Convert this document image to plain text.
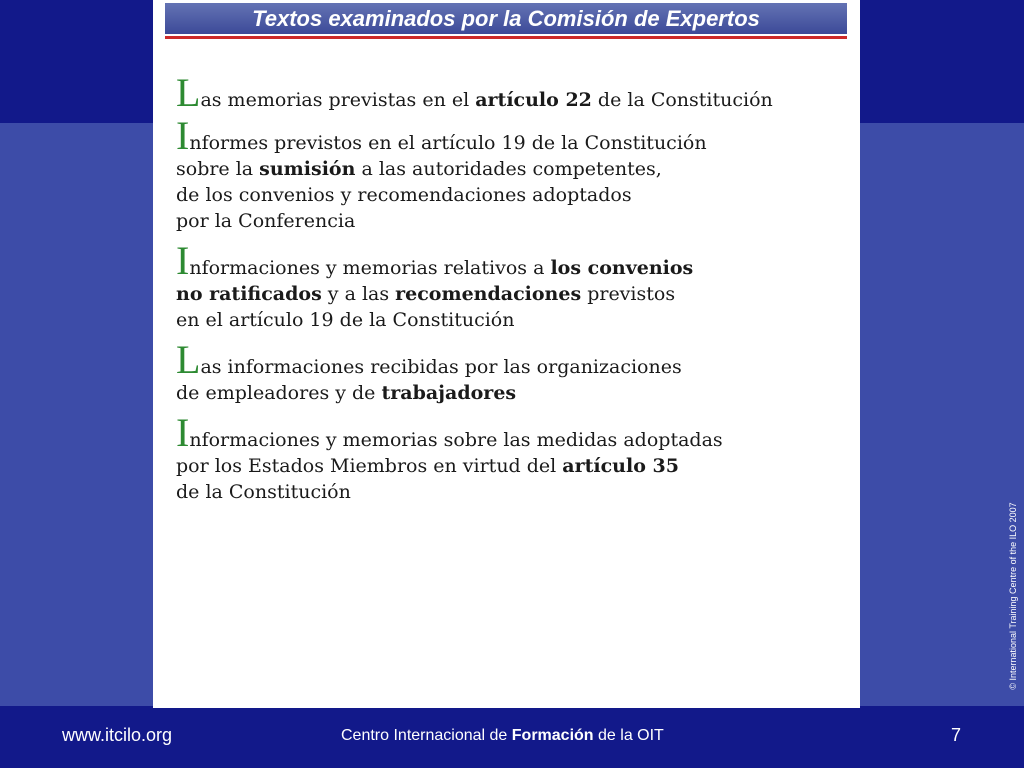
Textos examinados por la Comisión de Expertos

Las memorias previstas en el artículo 22 de la Constitución

Informes previstos en el artículo 19 de la Constitución
sobre la sumisión a las autoridades competentes,
de los convenios y recomendaciones adoptados
por la Conferencia

Informaciones y memorias relativos a los convenios
no ratificados y a las recomendaciones previstos
en el artículo 19 de la Constitución

Las informaciones recibidas por las organizaciones
de empleadores y de trabajadores

Informaciones y memorias sobre las medidas adoptadas
por los Estados Miembros en virtud del artículo 35
de la Constitución

www.itcilo.org	Centro Internacional de Formación de la OIT	7
© International Training Centre of the ILO 2007
